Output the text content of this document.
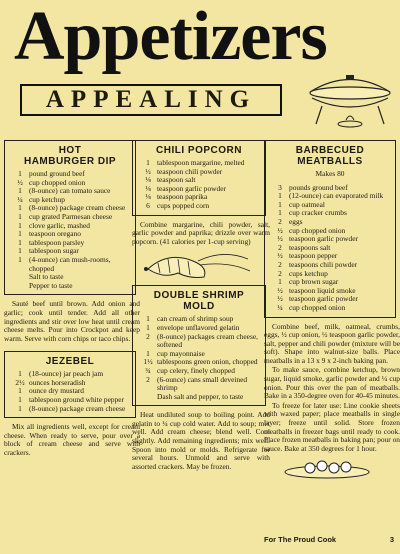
Appetizers
APPEALING
HOT
HAMBURGER DIP
1 pound ground beef
½ cup chopped onion
1 (8-ounce) can tomato sauce
¼ cup ketchup
1 (8-ounce) package cream cheese
1 cup grated Parmesan cheese
1 clove garlic, mashed
1 teaspoon oregano
1 tablespoon parsley
1 tablespoon sugar
1 (4-ounce) can mush-rooms, chopped
Salt to taste
Pepper to taste

Sauté beef until brown. Add onion and garlic; cook until tender. Add all other ingredients and stir over low heat until cream cheese melts. Pour into Crockpot and keep warm. Serve with corn chips or taco chips.

JEZEBEL
1 (18-ounce) jar peach jam
2½ ounces horseradish
1 ounce dry mustard
1 tablespoon ground white pepper
1 (8-ounce) package cream cheese

Mix all ingredients well, except for cream cheese. When ready to serve, pour over a block of cream cheese and serve with crackers.

CHILI POPCORN
1 tablespoon margarine, melted
½ teaspoon chili powder
⅛ teaspoon salt
⅛ teaspoon garlic powder
⅛ teaspoon paprika
6 cups popped corn

Combine margarine, chili powder, salt, garlic powder and paprika; drizzle over warm popcorn. (41 calories per 1-cup serving)

DOUBLE SHRIMP
MOLD
1 can cream of shrimp soup
1 envelope unflavored gelatin
2 (8-ounce) packages cream cheese, softened
1 cup mayonnaise
1½ tablespoons green onion, chopped
¾ cup celery, finely chopped
2 (6-ounce) cans small deveined shrimp
Dash salt and pepper, to taste

Heat undiluted soup to boiling point. Add gelatin to ¼ cup cold water. Add to soup; mix well. Add cream cheese; blend well. Cool slightly. Add remaining ingredients; mix well. Spoon into mold or molds. Refrigerate for several hours. Unmold and serve with assorted crackers. May be frozen.

BARBECUED
MEATBALLS
Makes 80
3 pounds ground beef
1 (12-ounce) can evaporated milk
1 cup oatmeal
1 cup cracker crumbs
2 eggs
½ cup chopped onion
½ teaspoon garlic powder
2 teaspoons salt
½ teaspoon pepper
2 teaspoons chili powder
2 cups ketchup
1 cup brown sugar
½ teaspoon liquid smoke
½ teaspoon garlic powder
¼ cup chopped onion

Combine beef, milk, oatmeal, crumbs, eggs, ½ cup onion, ½ teaspoon garlic powder, salt, pepper and chili powder (mixture will be soft). Shape into walnut-size balls. Place meatballs in a 13 x 9 x 2-inch baking pan.

To make sauce, combine ketchup, brown sugar, liquid smoke, garlic powder and ¼ cup onion. Pour this over the pan of meatballs. Bake in a 350-degree oven for 40-45 minutes.

To freeze for later use: Line cookie sheets with waxed paper; place meatballs in single layer; freeze until solid. Store frozen meatballs in freezer bags until ready to cook. Place frozen meatballs in baking pan; pour on sauce. Bake at 350 degrees for 1 hour.

For The Proud Cook	3
